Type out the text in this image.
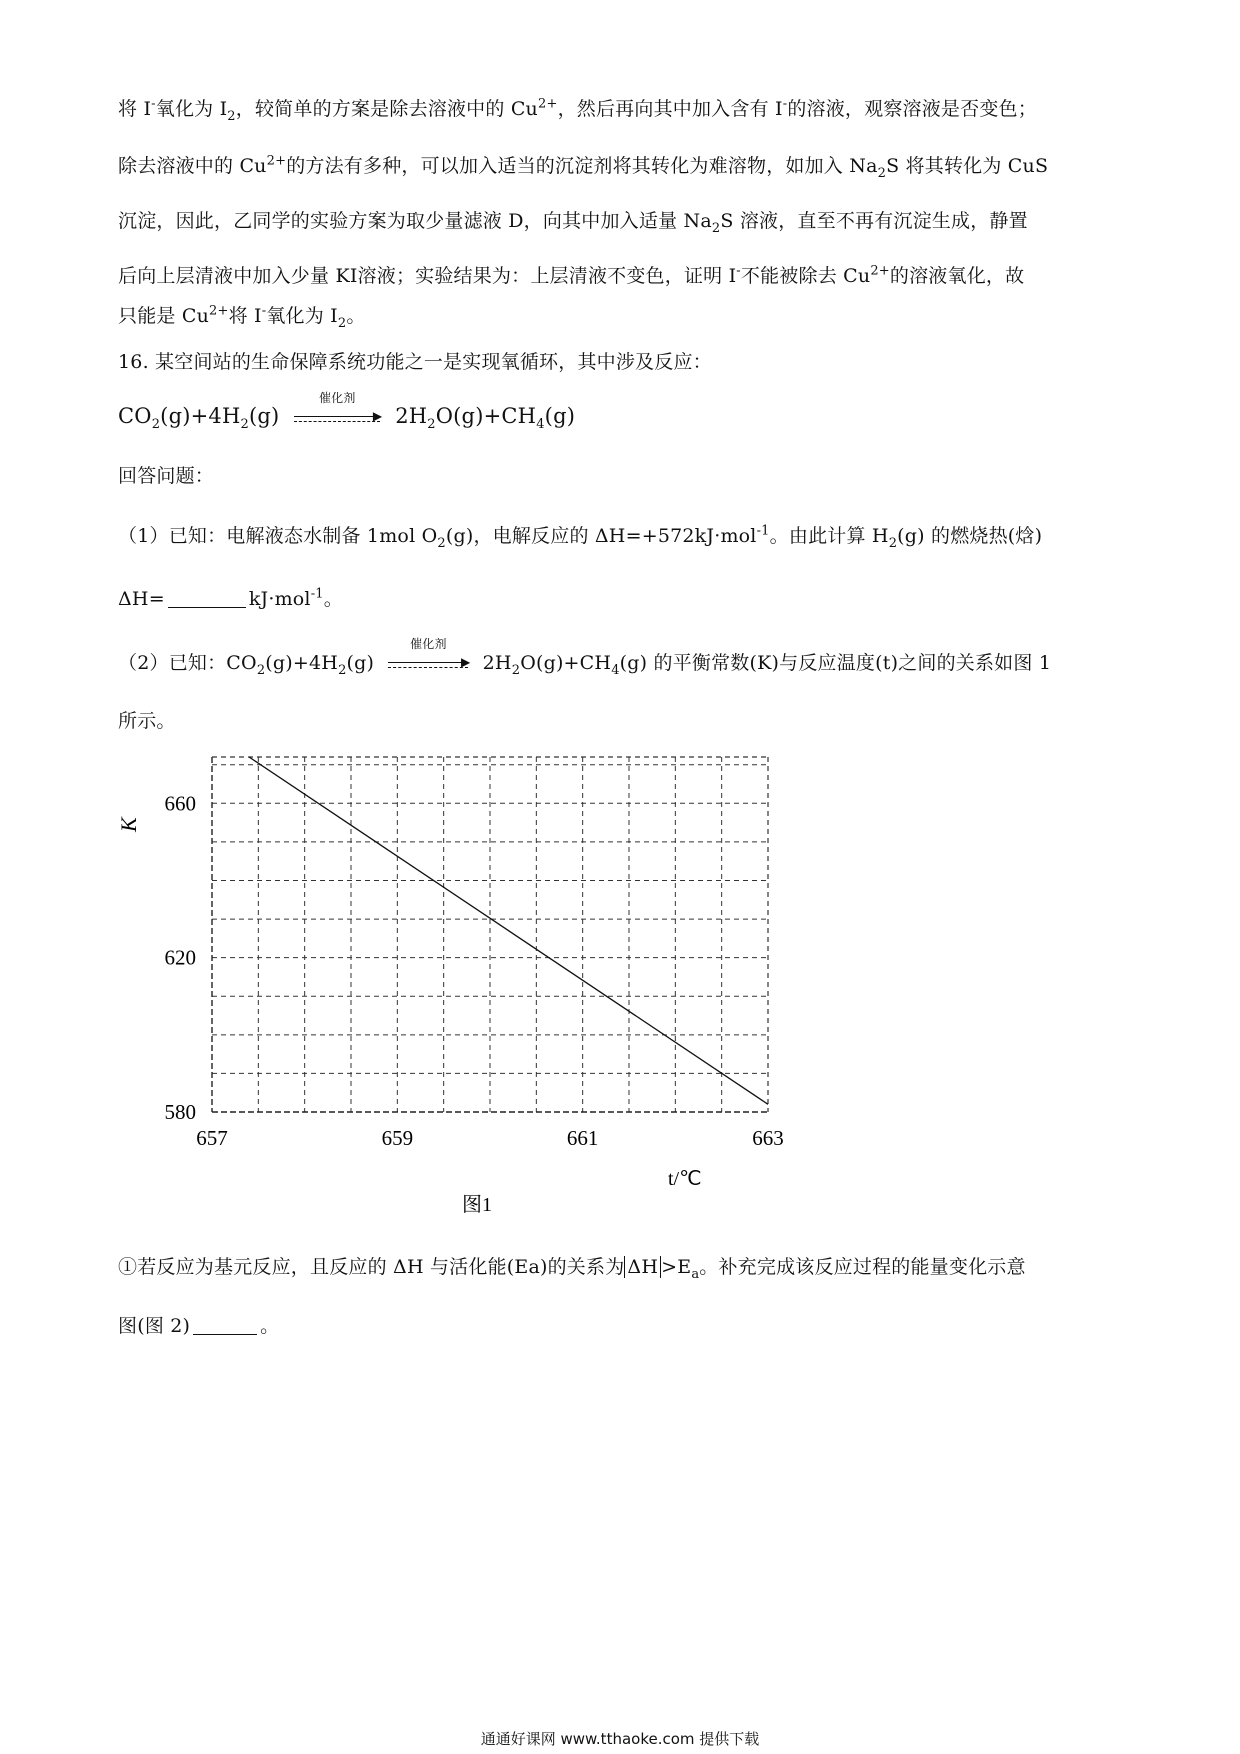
将 I-氧化为 $I_2$，较简单的方案是除去溶液中的 $Cu^{2+}$，然后再向其中加入含有 I-的溶液，观察溶液是否变色；
除去溶液中的 $Cu^{2+}$的方法有多种，可以加入适当的沉淀剂将其转化为难溶物，如加入 $Na_2S$ 将其转化为 CuS
沉淀，因此，乙同学的实验方案为取少量滤液 D，向其中加入适量 $Na_2S$ 溶液，直至不再有沉淀生成，静置
后向上层清液中加入少量 KI溶液；实验结果为：上层清液不变色，证明 I-不能被除去 $Cu^{2+}$的溶液氧化，故
只能是 $Cu^{2+}$将 I-氧化为 $I_2$。
16. 某空间站的生命保障系统功能之一是实现氧循环，其中涉及反应：
$CO_2(g)+4H_2(g)$
催化剂
▶ $2H_2O(g)+CH_4(g)$
回答问题：
（1）已知：电解液态水制备 1mol $O_2(g)$，电解反应的 ΔH=+572kJ·mol$^{-1}$。由此计算 $H_2(g)$ 的燃烧热(焓)
ΔH=	kJ·mol$^{-1}$。
（2）已知：$CO_2(g)+4H_2(g)$
催化剂
▶ $2H_2O(g)+CH_4(g)$ 的平衡常数(K)与反应温度(t)之间的关系如图 1
所示。
657	659	661	663
580
620
660
K
t/℃
图1
①若反应为基元反应，且反应的 ΔH 与活化能(Ea)的关系为 $\Delta H >E_a$。补充完成该反应过程的能量变化示意
图(图 2)	。
通通好课网 www.tthaoke.com 提供下载
